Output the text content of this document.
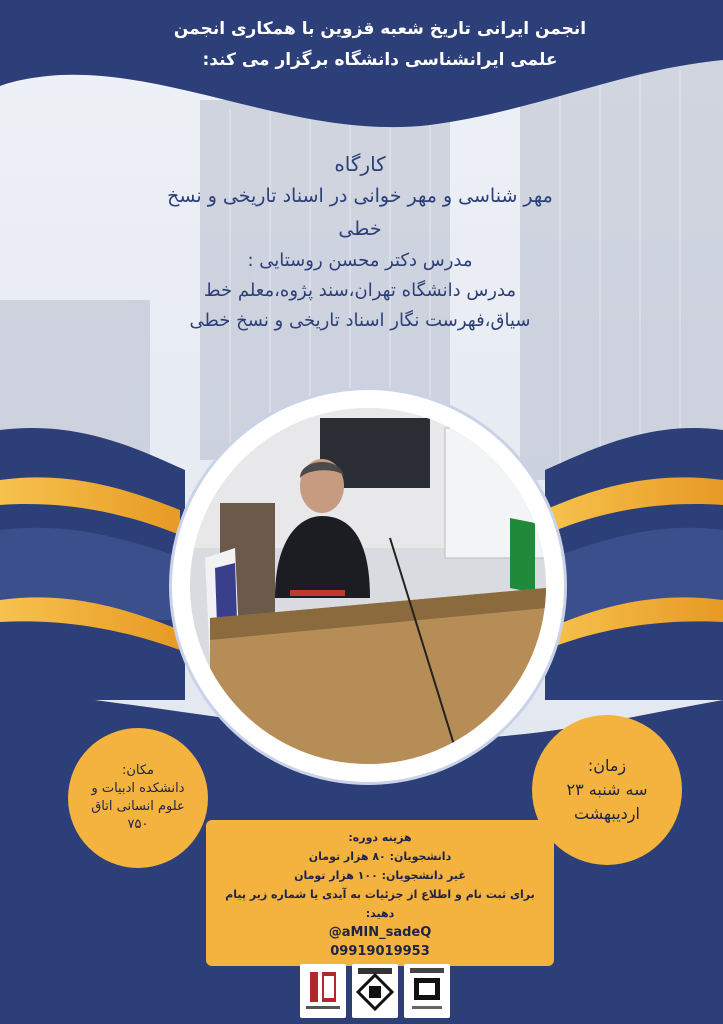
انجمن ایرانی تاریخ شعبه قزوین با همکاری انجمن
علمی ایرانشناسی دانشگاه برگزار می کند:
کارگاه
مهر شناسی و مهر خوانی در اسناد تاریخی و نسخ
خطی
مدرس دکتر محسن روستایی :
مدرس دانشگاه تهران،سند پژوه،معلم خط
سیاق،فهرست نگار اسناد تاریخی و نسخ خطی
مکان:
دانشکده ادبیات و
علوم انسانی اتاق
۷۵۰
زمان:
سه شنبه ۲۳
اردیبهشت
هزینه دوره:
دانشجویان: ۸۰ هزار تومان
غیر دانشجویان: ۱۰۰ هزار تومان
برای ثبت نام و اطلاع از جزئیات به آیدی یا شماره زیر پیام
دهید:
@aMIN_sadeQ
09919019953
